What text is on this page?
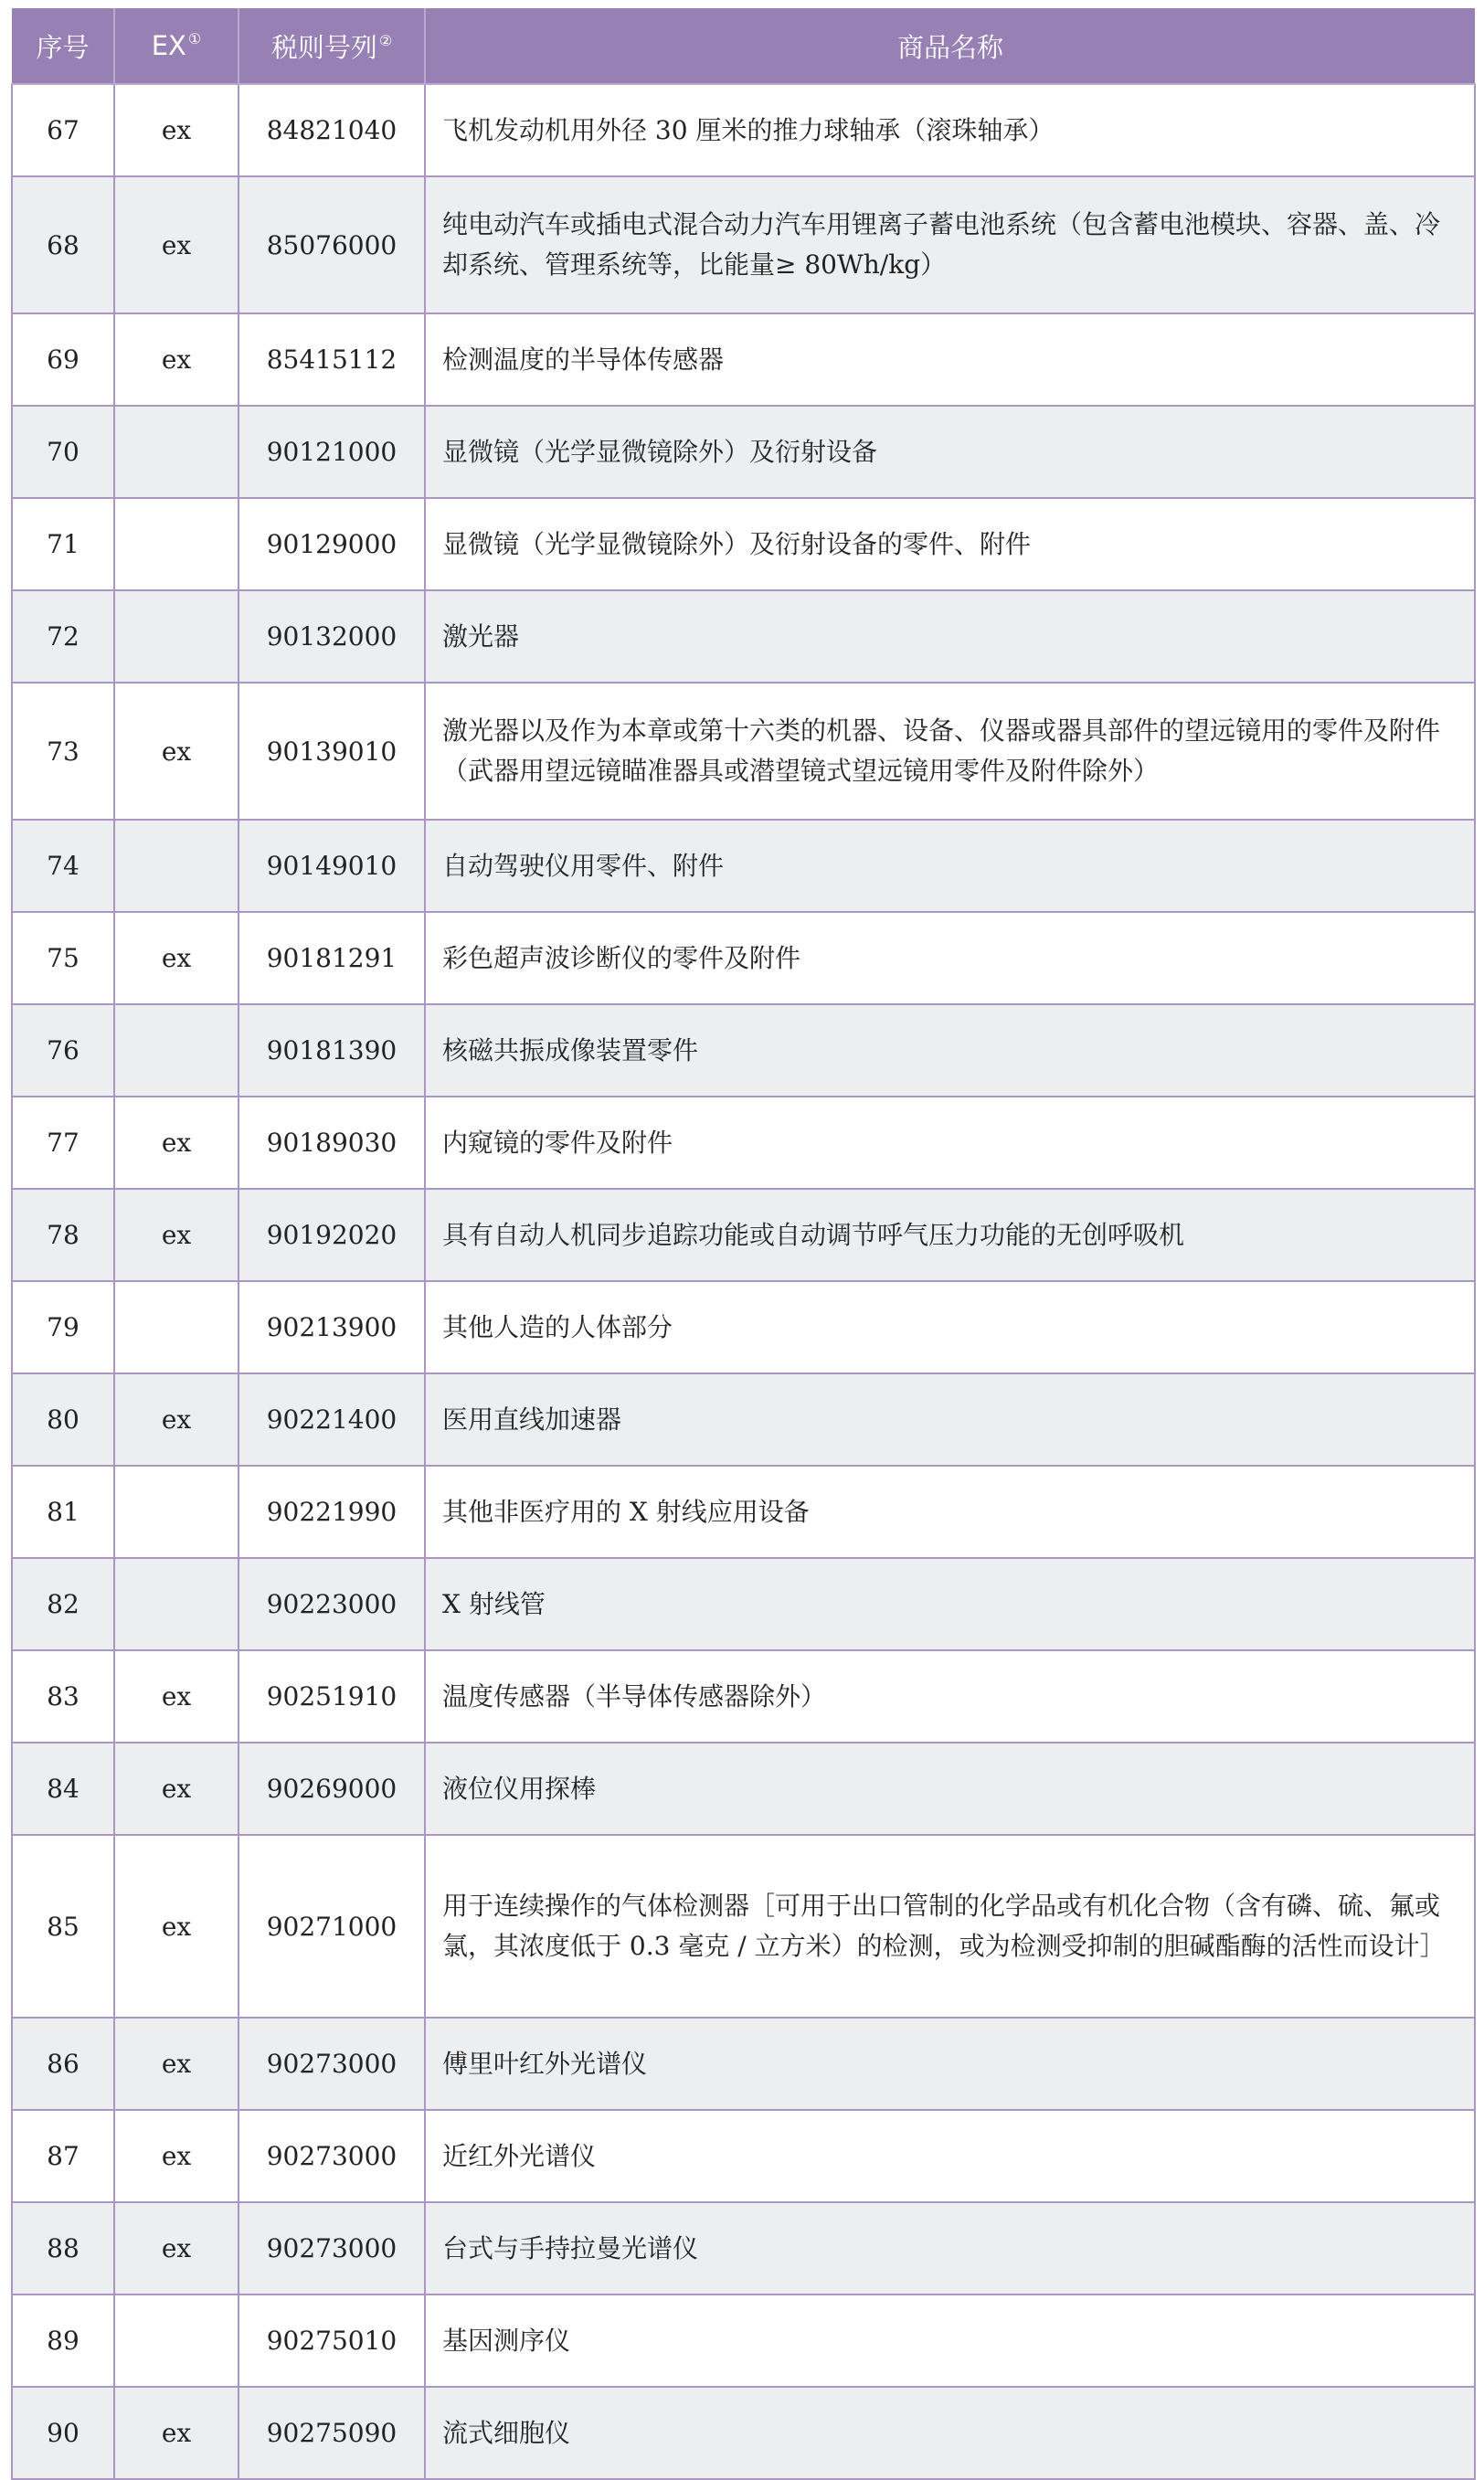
序号	EX ①	税则号列 ②	商品名称
67	ex	84821040	飞机发动机用外径 30 厘米的推力球轴承（滚珠轴承）
68	ex	85076000	纯电动汽车或插电式混合动力汽车用锂离子蓄电池系统（包含蓄电池模块、容器、盖、冷却系统、管理系统等，比能量≥ 80Wh/kg）
69	ex	85415112	检测温度的半导体传感器
70		90121000	显微镜（光学显微镜除外）及衍射设备
71		90129000	显微镜（光学显微镜除外）及衍射设备的零件、附件
72		90132000	激光器
73	ex	90139010	激光器以及作为本章或第十六类的机器、设备、仪器或器具部件的望远镜用的零件及附件（武器用望远镜瞄准器具或潜望镜式望远镜用零件及附件除外）
74		90149010	自动驾驶仪用零件、附件
75	ex	90181291	彩色超声波诊断仪的零件及附件
76		90181390	核磁共振成像装置零件
77	ex	90189030	内窥镜的零件及附件
78	ex	90192020	具有自动人机同步追踪功能或自动调节呼气压力功能的无创呼吸机
79		90213900	其他人造的人体部分
80	ex	90221400	医用直线加速器
81		90221990	其他非医疗用的 X 射线应用设备
82		90223000	X 射线管
83	ex	90251910	温度传感器（半导体传感器除外）
84	ex	90269000	液位仪用探棒
85	ex	90271000	用于连续操作的气体检测器［可用于出口管制的化学品或有机化合物（含有磷、硫、氟或氯，其浓度低于 0.3 毫克 / 立方米）的检测，或为检测受抑制的胆碱酯酶的活性而设计］
86	ex	90273000	傅里叶红外光谱仪
87	ex	90273000	近红外光谱仪
88	ex	90273000	台式与手持拉曼光谱仪
89		90275010	基因测序仪
90	ex	90275090	流式细胞仪
